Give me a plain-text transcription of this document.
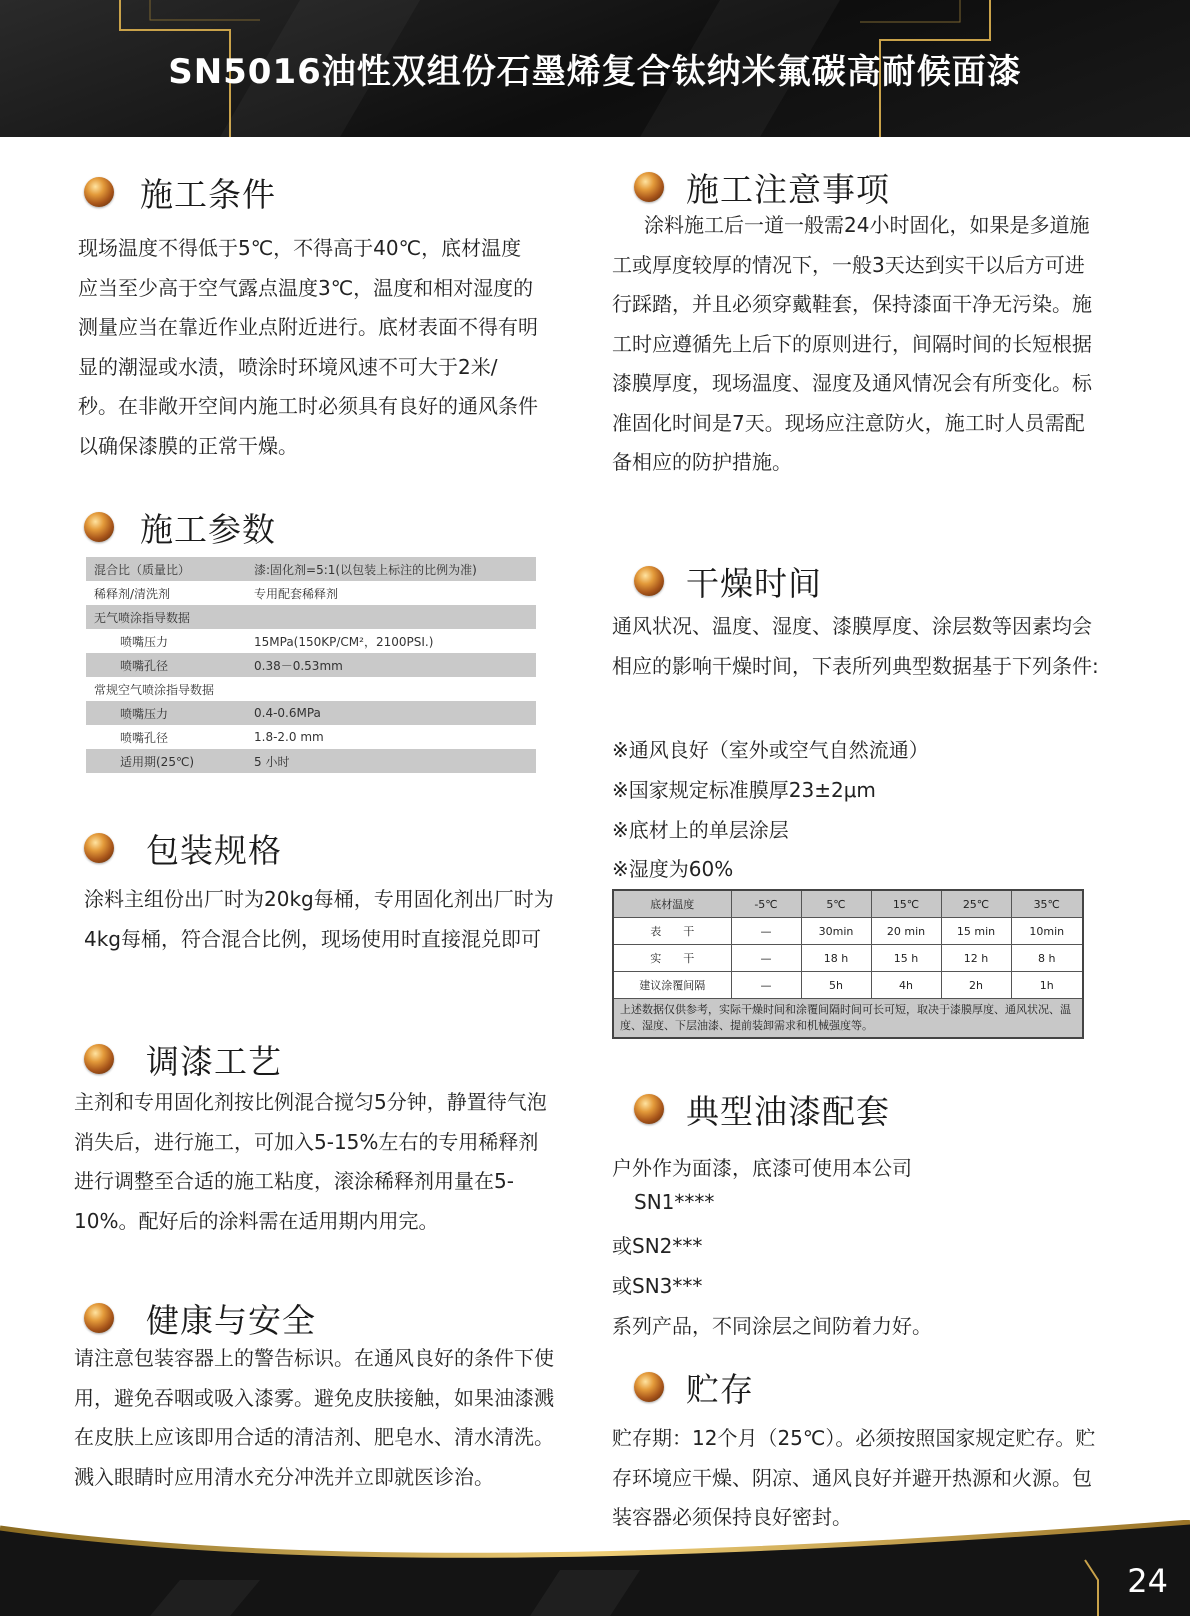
SN5016油性双组份石墨烯复合钛纳米氟碳高耐候面漆
施工条件

现场温度不得低于5℃，不得高于40℃，底材温度应当至少高于空气露点温度3℃，温度和相对湿度的测量应当在靠近作业点附近进行。底材表面不得有明显的潮湿或水渍，喷涂时环境风速不可大于2米/ 秒。在非敞开空间内施工时必须具有良好的通风条件以确保漆膜的正常干燥。

施工参数
混合比（质量比）	漆:固化剂=5:1(以包装上标注的比例为准)
稀释剂/清洗剂	专用配套稀释剂
无气喷涂指导数据	
喷嘴压力	15MPa(150KP/CM²，2100PSI.)
喷嘴孔径	0.38－0.53mm
常规空气喷涂指导数据	
喷嘴压力	0.4-0.6MPa
喷嘴孔径	1.8-2.0 mm
适用期(25℃)	5 小时
包装规格

涂料主组份出厂时为20kg每桶，专用固化剂出厂时为4kg每桶，符合混合比例，现场使用时直接混兑即可

调漆工艺

主剂和专用固化剂按比例混合搅匀5分钟，静置待气泡消失后，进行施工，可加入5-15%左右的专用稀释剂进行调整至合适的施工粘度，滚涂稀释剂用量在5-10%。配好后的涂料需在适用期内用完。

健康与安全

请注意包装容器上的警告标识。在通风良好的条件下使用，避免吞咽或吸入漆雾。避免皮肤接触，如果油漆溅在皮肤上应该即用合适的清洁剂、肥皂水、清水清洗。溅入眼睛时应用清水充分冲洗并立即就医诊治。

施工注意事项

涂料施工后一道一般需24小时固化，如果是多道施工或厚度较厚的情况下，一般3天达到实干以后方可进行踩踏，并且必须穿戴鞋套，保持漆面干净无污染。施工时应遵循先上后下的原则进行，间隔时间的长短根据漆膜厚度，现场温度、湿度及通风情况会有所变化。标准固化时间是7天。现场应注意防火，施工时人员需配备相应的防护措施。

干燥时间

通风状况、温度、湿度、漆膜厚度、涂层数等因素均会相应的影响干燥时间，下表所列典型数据基于下列条件:

※通风良好（室外或空气自然流通）
※国家规定标准膜厚23±2μm
※底材上的单层涂层
※湿度为60%
底材温度	-5℃	5℃	15℃	25℃	35℃
表　　干	—	30min	20 min	15 min	10min
实　　干	—	18 h	15 h	12 h	8 h
建议涂覆间隔	—	5h	4h	2h	1h
上述数据仅供参考，实际干燥时间和涂覆间隔时间可长可短，取决于漆膜厚度、通风状况、温度、湿度、下层油漆、提前装卸需求和机械强度等。					
典型油漆配套
户外作为面漆，底漆可使用本公司
SN1****
或SN2***
或SN3***
系列产品，不同涂层之间防着力好。
贮存

贮存期：12个月（25℃）。必须按照国家规定贮存。贮存环境应干燥、阴凉、通风良好并避开热源和火源。包装容器必须保持良好密封。

24
